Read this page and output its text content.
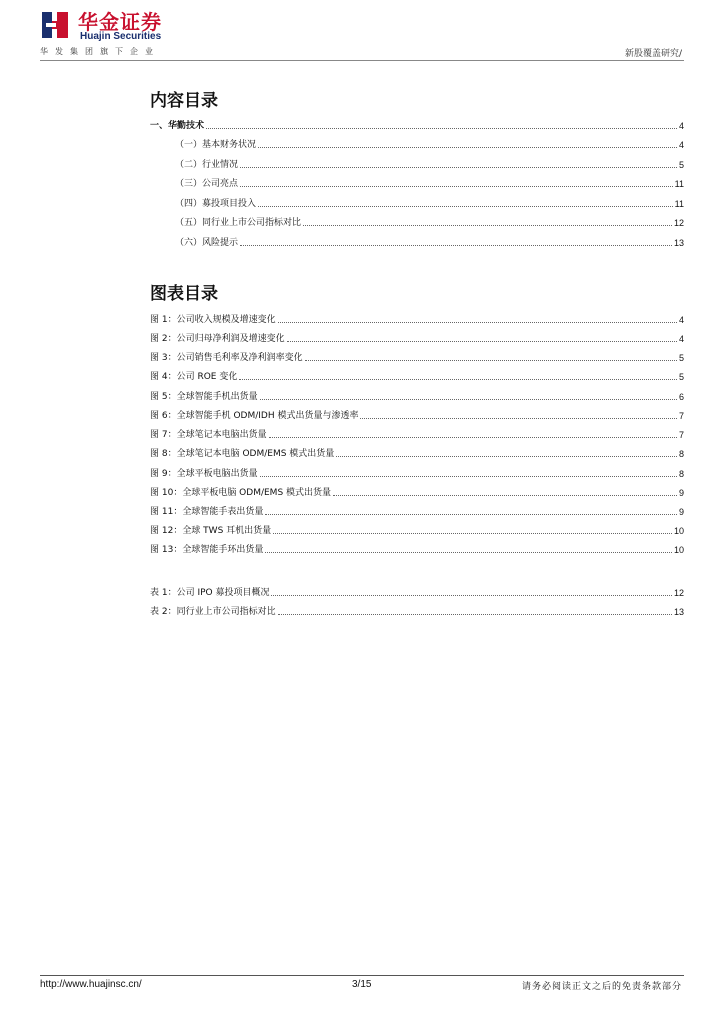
华金证券
Huajin Securities
华发集团旗下企业	新股覆盖研究/
内容目录
一、华勤技术	4
（一）基本财务状况	4
（二）行业情况	5
（三）公司亮点	11
（四）募投项目投入	11
（五）同行业上市公司指标对比	12
（六）风险提示	13
图表目录
图 1：公司收入规模及增速变化	4
图 2：公司归母净利润及增速变化	4
图 3：公司销售毛利率及净利润率变化	5
图 4：公司 ROE 变化	5
图 5：全球智能手机出货量	6
图 6：全球智能手机 ODM/IDH 模式出货量与渗透率	7
图 7：全球笔记本电脑出货量	7
图 8：全球笔记本电脑 ODM/EMS 模式出货量	8
图 9：全球平板电脑出货量	8
图 10：全球平板电脑 ODM/EMS 模式出货量	9
图 11：全球智能手表出货量	9
图 12：全球 TWS 耳机出货量	10
图 13：全球智能手环出货量	10
表 1：公司 IPO 募投项目概况	12
表 2：同行业上市公司指标对比	13
http://www.huajinsc.cn/	3/15	请务必阅读正文之后的免责条款部分
